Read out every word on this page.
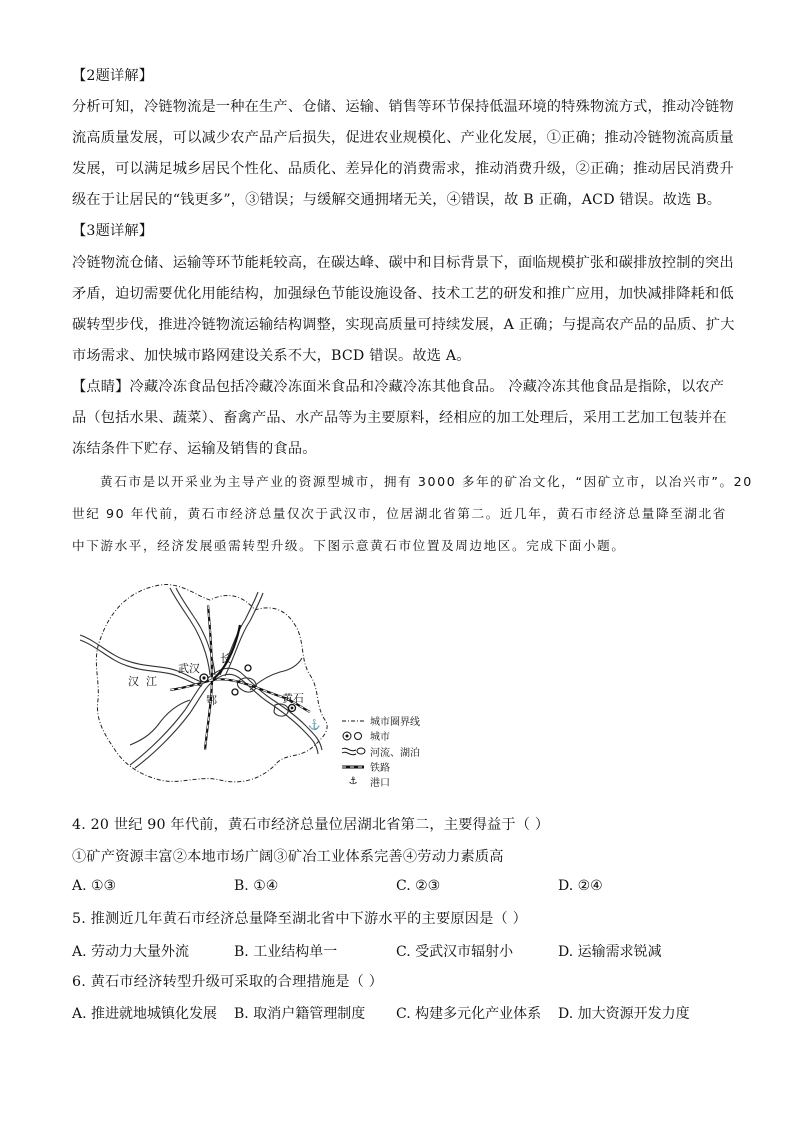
【2题详解】
分析可知，冷链物流是一种在生产、仓储、运输、销售等环节保持低温环境的特殊物流方式，推动冷链物
流高质量发展，可以减少农产品产后损失，促进农业规模化、产业化发展，①正确；推动冷链物流高质量
发展，可以满足城乡居民个性化、品质化、差异化的消费需求，推动消费升级，②正确；推动居民消费升
级在于让居民的“钱更多”，③错误；与缓解交通拥堵无关，④错误，故 B 正确，ACD 错误。故选 B。
【3题详解】
冷链物流仓储、运输等环节能耗较高，在碳达峰、碳中和目标背景下，面临规模扩张和碳排放控制的突出
矛盾，迫切需要优化用能结构，加强绿色节能设施设备、技术工艺的研发和推广应用，加快减排降耗和低
碳转型步伐，推进冷链物流运输结构调整，实现高质量可持续发展，A 正确；与提高农产品的品质、扩大
市场需求、加快城市路网建设关系不大，BCD 错误。故选 A。
【点睛】冷藏冷冻食品包括冷藏冷冻面米食品和冷藏冷冻其他食品。 冷藏冷冻其他食品是指除，以农产
品（包括水果、蔬菜）、畜禽产品、水产品等为主要原料，经相应的加工处理后，采用工艺加工包装并在
冻结条件下贮存、运输及销售的食品。
黄石市是以开采业为主导产业的资源型城市，拥有 3000 多年的矿冶文化，“因矿立市，以冶兴市”。20
世纪 90 年代前，黄石市经济总量仅次于武汉市，位居湖北省第二。近几年，黄石市经济总量降至湖北省
中下游水平，经济发展亟需转型升级。下图示意黄石市位置及周边地区。完成下面小题。
⚓
武汉
长
汉 江
鄂	黄石
城市圈界线
城市
河流、湖泊
铁路
⚓	港口
4. 20 世纪 90 年代前，黄石市经济总量位居湖北省第二，主要得益于（ ）
①矿产资源丰富②本地市场广阔③矿冶工业体系完善④劳动力素质高
A. ①③	B. ①④	C. ②③	D. ②④
5. 推测近几年黄石市经济总量降至湖北省中下游水平的主要原因是（ ）
A. 劳动力大量外流	B. 工业结构单一	C. 受武汉市辐射小	D. 运输需求锐减
6. 黄石市经济转型升级可采取的合理措施是（ ）
A. 推进就地城镇化发展 B. 取消户籍管理制度 C. 构建多元化产业体系 D. 加大资源开发力度
